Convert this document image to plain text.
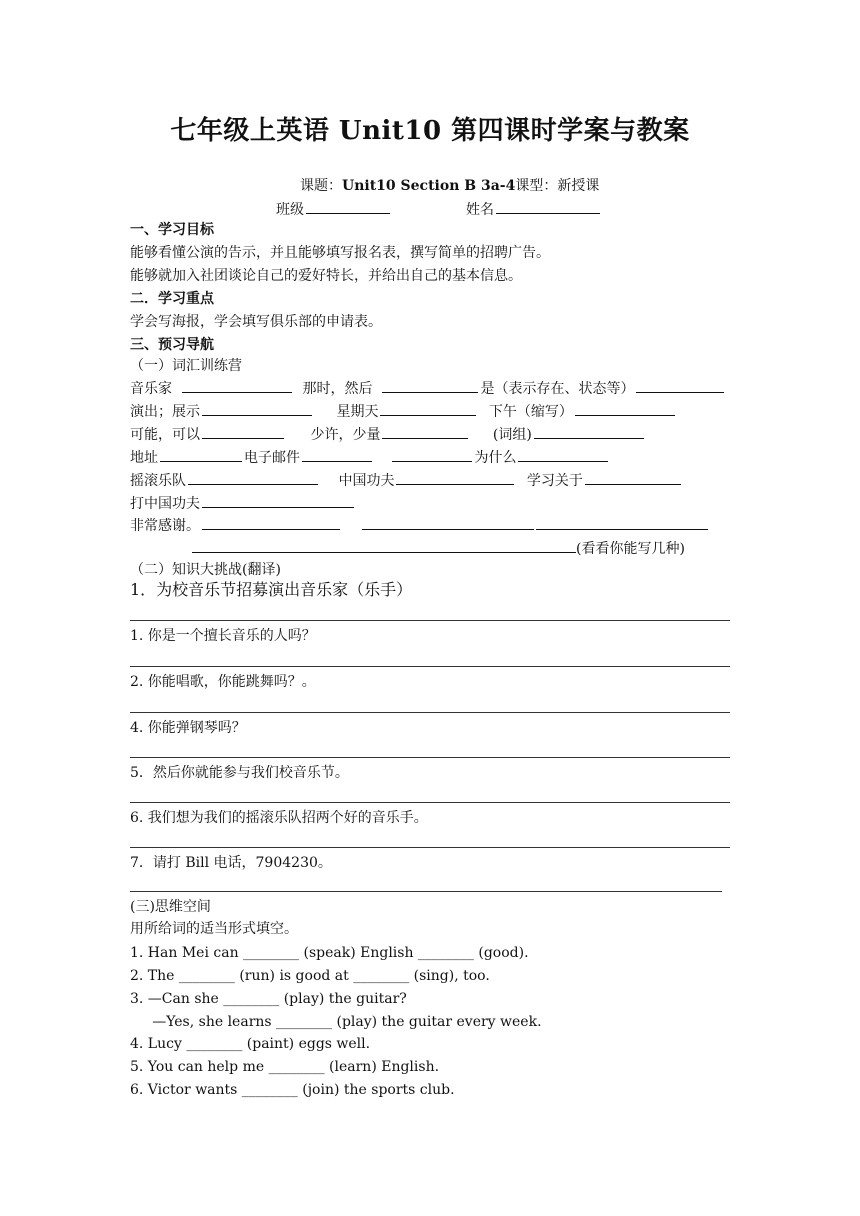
七年级上英语 Unit10 第四课时学案与教案
课题：Unit10 Section B 3a-4课型：新授课
班级	姓名
一、学习目标
能够看懂公演的告示，并且能够填写报名表，撰写简单的招聘广告。
能够就加入社团谈论自己的爱好特长，并给出自己的基本信息。
二．学习重点
学会写海报，学会填写俱乐部的申请表。
三、预习导航
（一）词汇训练营
音乐家	那时，然后	是（表示存在、状态等）
演出；展示	星期天	下午（缩写）
可能，可以	少许，少量	(词组)
地址	电子邮件	为什么
摇滚乐队	中国功夫	学习关于
打中国功夫
非常感谢。
(看看你能写几种)
（二）知识大挑战(翻译)
1．为校音乐节招募演出音乐家（乐手）
1. 你是一个擅长音乐的人吗？
2. 你能唱歌，你能跳舞吗？。
4. 你能弹钢琴吗？
5．然后你就能参与我们校音乐节。
6. 我们想为我们的摇滚乐队招两个好的音乐手。
7．请打 Bill 电话，7904230。
(三)思维空间
用所给词的适当形式填空。
1. Han Mei can ________ (speak) English ________ (good).
2. The ________ (run) is good at ________ (sing), too.
3. —Can she ________ (play) the guitar?
—Yes, she learns ________ (play) the guitar every week.
4. Lucy ________ (paint) eggs well.
5. You can help me ________ (learn) English.
6. Victor wants ________ (join) the sports club.
